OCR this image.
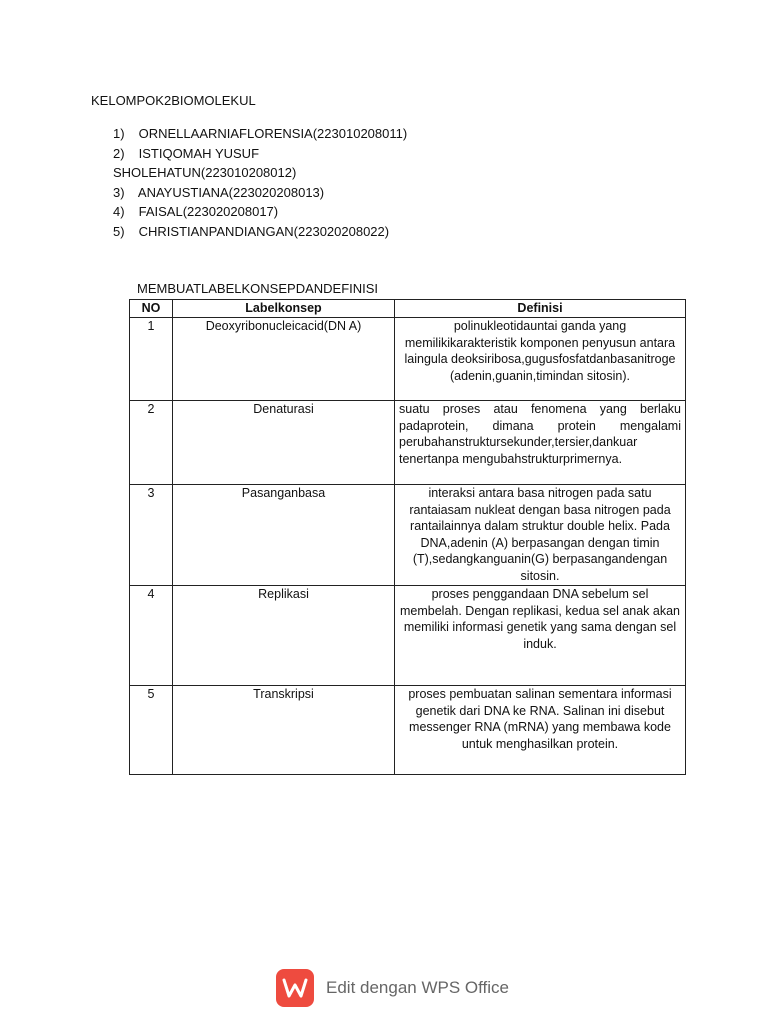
KELOMPOK2BIOMOLEKUL
1) ORNELLAARNIAFLORENSIA(223010208011)
2) ISTIQOMAH YUSUF
SHOLEHATUN(223010208012)
3) ANAYUSTIANA(223020208013)
4) FAISAL(223020208017)
5) CHRISTIANPANDIANGAN(223020208022)
MEMBUATLABELKONSEPDANDEFINISI
NO	Labelkonsep	Definisi
1	Deoxyribonucleicacid(DN A)	polinukleotidauntai ganda yang memilikikarakteristik komponen penyusun antara laingula deoksiribosa,gugusfosfatdanbasanitroge (adenin,guanin,timindan sitosin).
2	Denaturasi	suatu proses atau fenomena yang berlaku padaprotein, dimana protein mengalami perubahanstruktursekunder,tersier,dankuar tenertanpa mengubahstrukturprimernya.
3	Pasanganbasa	interaksi antara basa nitrogen pada satu rantaiasam nukleat dengan basa nitrogen pada rantailainnya dalam struktur double helix. Pada DNA,adenin (A) berpasangan dengan timin (T),sedangkanguanin(G) berpasangandengan sitosin.
4	Replikasi	proses penggandaan DNA sebelum sel membelah. Dengan replikasi, kedua sel anak akan memiliki informasi genetik yang sama dengan sel induk.
5	Transkripsi	proses pembuatan salinan sementara informasi genetik dari DNA ke RNA. Salinan ini disebut messenger RNA (mRNA) yang membawa kode untuk menghasilkan protein.
Edit dengan WPS Office
